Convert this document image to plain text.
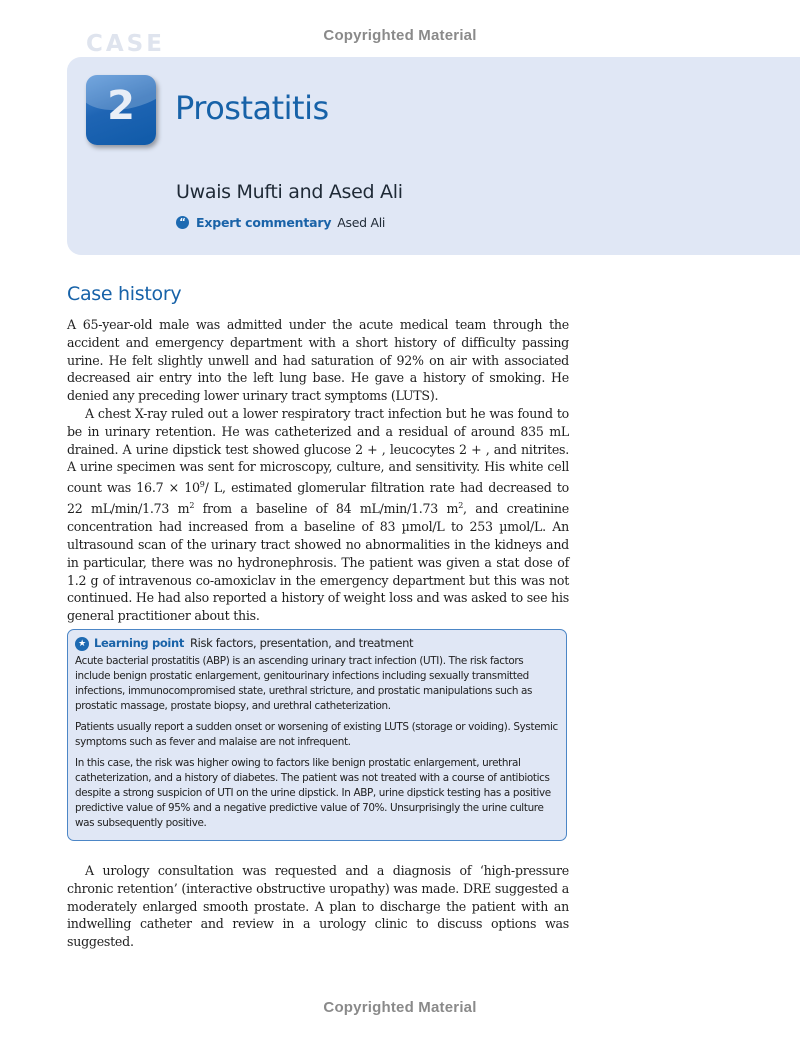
Copyrighted Material
CASE
2	Prostatitis
Uwais Mufti and Ased Ali
“ Expert commentary Ased Ali
Case history

A 65-year-old male was admitted under the acute medical team through the accident and emergency department with a short history of difficulty passing urine. He felt slightly unwell and had saturation of 92% on air with associated decreased air entry into the left lung base. He gave a history of smoking. He denied any preceding lower urinary tract symptoms (LUTS).

A chest X-ray ruled out a lower respiratory tract infection but he was found to be in urinary retention. He was catheterized and a residual of around 835 mL drained. A urine dipstick test showed glucose 2 + , leucocytes 2 + , and nitrites. A urine specimen was sent for microscopy, culture, and sensitivity. His white cell count was $16.7 \times 10^9/$ L, estimated glomerular filtration rate had decreased to 22 mL/min/1.73 $m^2$ from a baseline of 84 mL/min/1.73 $m^2$, and creatinine concentration had increased from a baseline of 83 µmol/L to 253 µmol/L. An ultrasound scan of the urinary tract showed no abnormalities in the kidneys and in particular, there was no hydronephrosis. The patient was given a stat dose of 1.2 g of intravenous co-amoxiclav in the emergency department but this was not continued. He had also reported a history of weight loss and was asked to see his general practitioner about this.

★ Learning point Risk factors, presentation, and treatment

Acute bacterial prostatitis (ABP) is an ascending urinary tract infection (UTI). The risk factors include benign prostatic enlargement, genitourinary infections including sexually transmitted infections, immunocompromised state, urethral stricture, and prostatic manipulations such as prostatic massage, prostate biopsy, and urethral catheterization.

Patients usually report a sudden onset or worsening of existing LUTS (storage or voiding). Systemic symptoms such as fever and malaise are not infrequent.

In this case, the risk was higher owing to factors like benign prostatic enlargement, urethral catheterization, and a history of diabetes. The patient was not treated with a course of antibiotics despite a strong suspicion of UTI on the urine dipstick. In ABP, urine dipstick testing has a positive predictive value of 95% and a negative predictive value of 70%. Unsurprisingly the urine culture was subsequently positive.

A urology consultation was requested and a diagnosis of ‘high-pressure chronic retention’ (interactive obstructive uropathy) was made. DRE suggested a moderately enlarged smooth prostate. A plan to discharge the patient with an indwelling catheter and review in a urology clinic to discuss options was suggested.

Copyrighted Material
